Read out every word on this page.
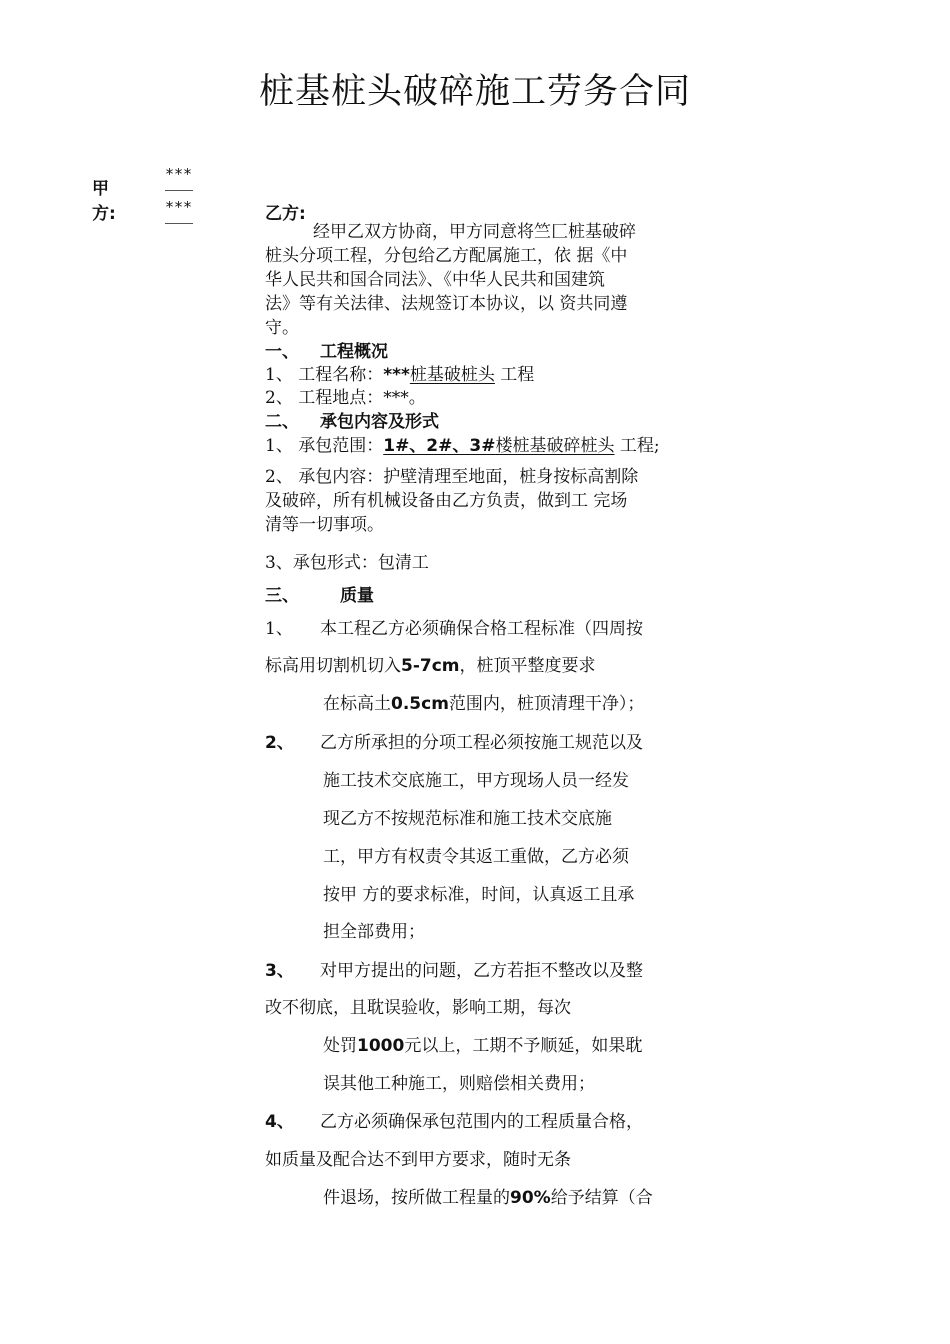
桩基桩头破碎施工劳务合同
***
甲
方:	***	乙方:
经甲乙双方协商，甲方同意将竺匚桩基破碎
桩头分项工程，分包给乙方配属施工，依 据《中
华人民共和国合同法》、《中华人民共和国建筑
法》等有关法律、法规签订本协议，以 资共同遵
守。
一、 工程概况
1、 工程名称：***桩基破桩头 工程
2、 工程地点：***。
二、 承包内容及形式
1、 承包范围：1#、2#、3#楼桩基破碎桩头 工程;
2、 承包内容：护壁清理至地面，桩身按标高割除
及破碎，所有机械设备由乙方负责，做到工 完场
清等一切事项。
3、承包形式：包清工
三、 质量
1、 本工程乙方必须确保合格工程标准（四周按
标高用切割机切入5-7cm，桩顶平整度要求
在标高土0.5cm范围内，桩顶清理干净）；
2、 乙方所承担的分项工程必须按施工规范以及
施工技术交底施工，甲方现场人员一经发
现乙方不按规范标准和施工技术交底施
工，甲方有权责令其返工重做，乙方必须
按甲 方的要求标准，时间，认真返工且承
担全部费用；
3、 对甲方提出的问题，乙方若拒不整改以及整
改不彻底，且耽误验收，影响工期，每次
处罚1000元以上，工期不予顺延，如果耽
误其他工种施工，则赔偿相关费用；
4、 乙方必须确保承包范围内的工程质量合格，
如质量及配合达不到甲方要求，随时无条
件退场，按所做工程量的90%给予结算（合
